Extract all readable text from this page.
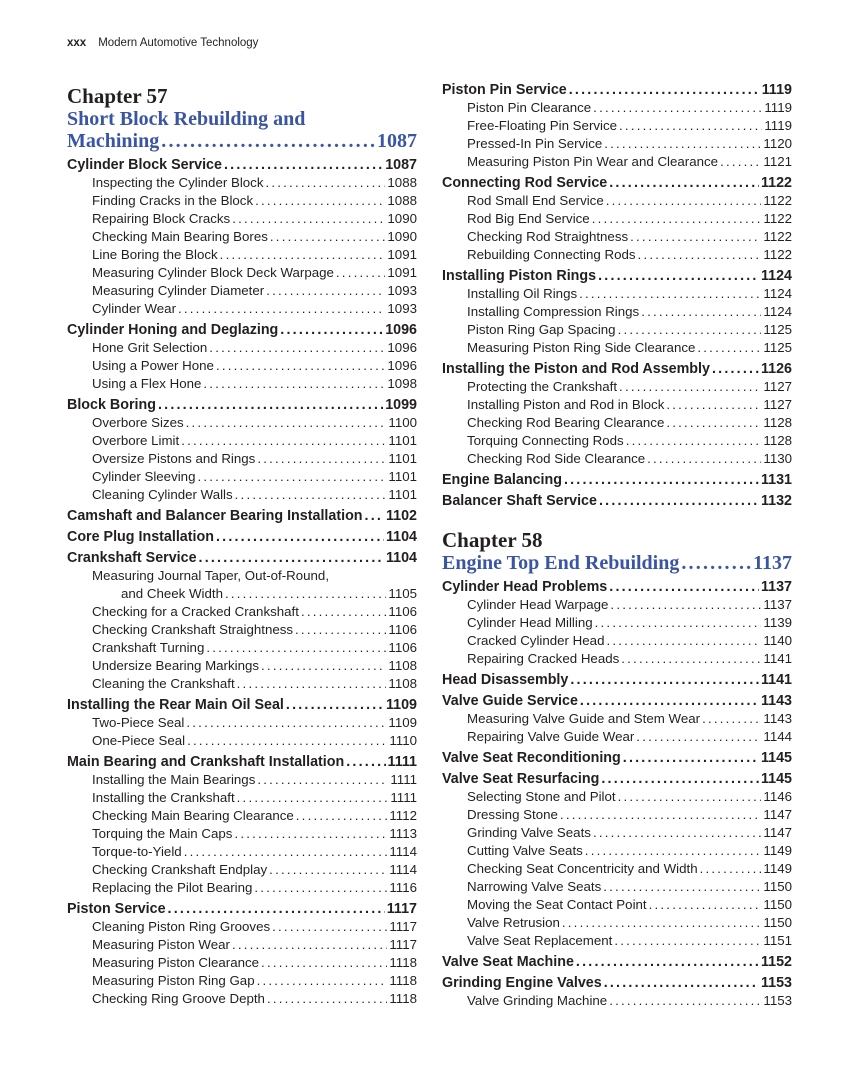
xxx Modern Automotive Technology
Chapter 57
Short Block Rebuilding and
Machining .....	1087
Cylinder Block Service .....	1087
Inspecting the Cylinder Block .....	1088
Finding Cracks in the Block .....	1088
Repairing Block Cracks .....	1090
Checking Main Bearing Bores .....	1090
Line Boring the Block .....	1091
Measuring Cylinder Block Deck Warpage .....	1091
Measuring Cylinder Diameter .....	1093
Cylinder Wear .....	1093
Cylinder Honing and Deglazing .....	1096
Hone Grit Selection .....	1096
Using a Power Hone .....	1096
Using a Flex Hone .....	1098
Block Boring .....	1099
Overbore Sizes .....	1100
Overbore Limit .....	1101
Oversize Pistons and Rings .....	1101
Cylinder Sleeving .....	1101
Cleaning Cylinder Walls .....	1101
Camshaft and Balancer Bearing Installation ..... 1102
Core Plug Installation .....	1104
Crankshaft Service .....	1104
Measuring Journal Taper, Out-of-Round,
and Cheek Width .....	1105
Checking for a Cracked Crankshaft .....	1106
Checking Crankshaft Straightness .....	1106
Crankshaft Turning .....	1106
Undersize Bearing Markings .....	1108
Cleaning the Crankshaft .....	1108
Installing the Rear Main Oil Seal .....	1109
Two-Piece Seal .....	1109
One-Piece Seal .....	1110
Main Bearing and Crankshaft Installation .....	1111
Installing the Main Bearings .....	1111
Installing the Crankshaft .....	1111
Checking Main Bearing Clearance .....	1112
Torquing the Main Caps .....	1113
Torque-to-Yield .....	1114
Checking Crankshaft Endplay .....	1114
Replacing the Pilot Bearing .....	1116
Piston Service .....	1117
Cleaning Piston Ring Grooves .....	1117
Measuring Piston Wear .....	1117
Measuring Piston Clearance .....	1118
Measuring Piston Ring Gap .....	1118
Checking Ring Groove Depth .....	1118
Piston Pin Service .....	1119
Piston Pin Clearance .....	1119
Free-Floating Pin Service .....	1119
Pressed-In Pin Service .....	1120
Measuring Piston Pin Wear and Clearance .....	1121
Connecting Rod Service .....	1122
Rod Small End Service .....	1122
Rod Big End Service .....	1122
Checking Rod Straightness .....	1122
Rebuilding Connecting Rods .....	1122
Installing Piston Rings .....	1124
Installing Oil Rings .....	1124
Installing Compression Rings .....	1124
Piston Ring Gap Spacing .....	1125
Measuring Piston Ring Side Clearance .....	1125
Installing the Piston and Rod Assembly .....	1126
Protecting the Crankshaft .....	1127
Installing Piston and Rod in Block .....	1127
Checking Rod Bearing Clearance .....	1128
Torquing Connecting Rods .....	1128
Checking Rod Side Clearance .....	1130
Engine Balancing .....	1131
Balancer Shaft Service .....	1132
Chapter 58
Engine Top End Rebuilding .....	1137
Cylinder Head Problems .....	1137
Cylinder Head Warpage .....	1137
Cylinder Head Milling .....	1139
Cracked Cylinder Head .....	1140
Repairing Cracked Heads .....	1141
Head Disassembly .....	1141
Valve Guide Service .....	1143
Measuring Valve Guide and Stem Wear .....	1143
Repairing Valve Guide Wear .....	1144
Valve Seat Reconditioning .....	1145
Valve Seat Resurfacing .....	1145
Selecting Stone and Pilot .....	1146
Dressing Stone .....	1147
Grinding Valve Seats .....	1147
Cutting Valve Seats .....	1149
Checking Seat Concentricity and Width .....	1149
Narrowing Valve Seats .....	1150
Moving the Seat Contact Point .....	1150
Valve Retrusion .....	1150
Valve Seat Replacement .....	1151
Valve Seat Machine .....	1152
Grinding Engine Valves .....	1153
Valve Grinding Machine .....	1153
